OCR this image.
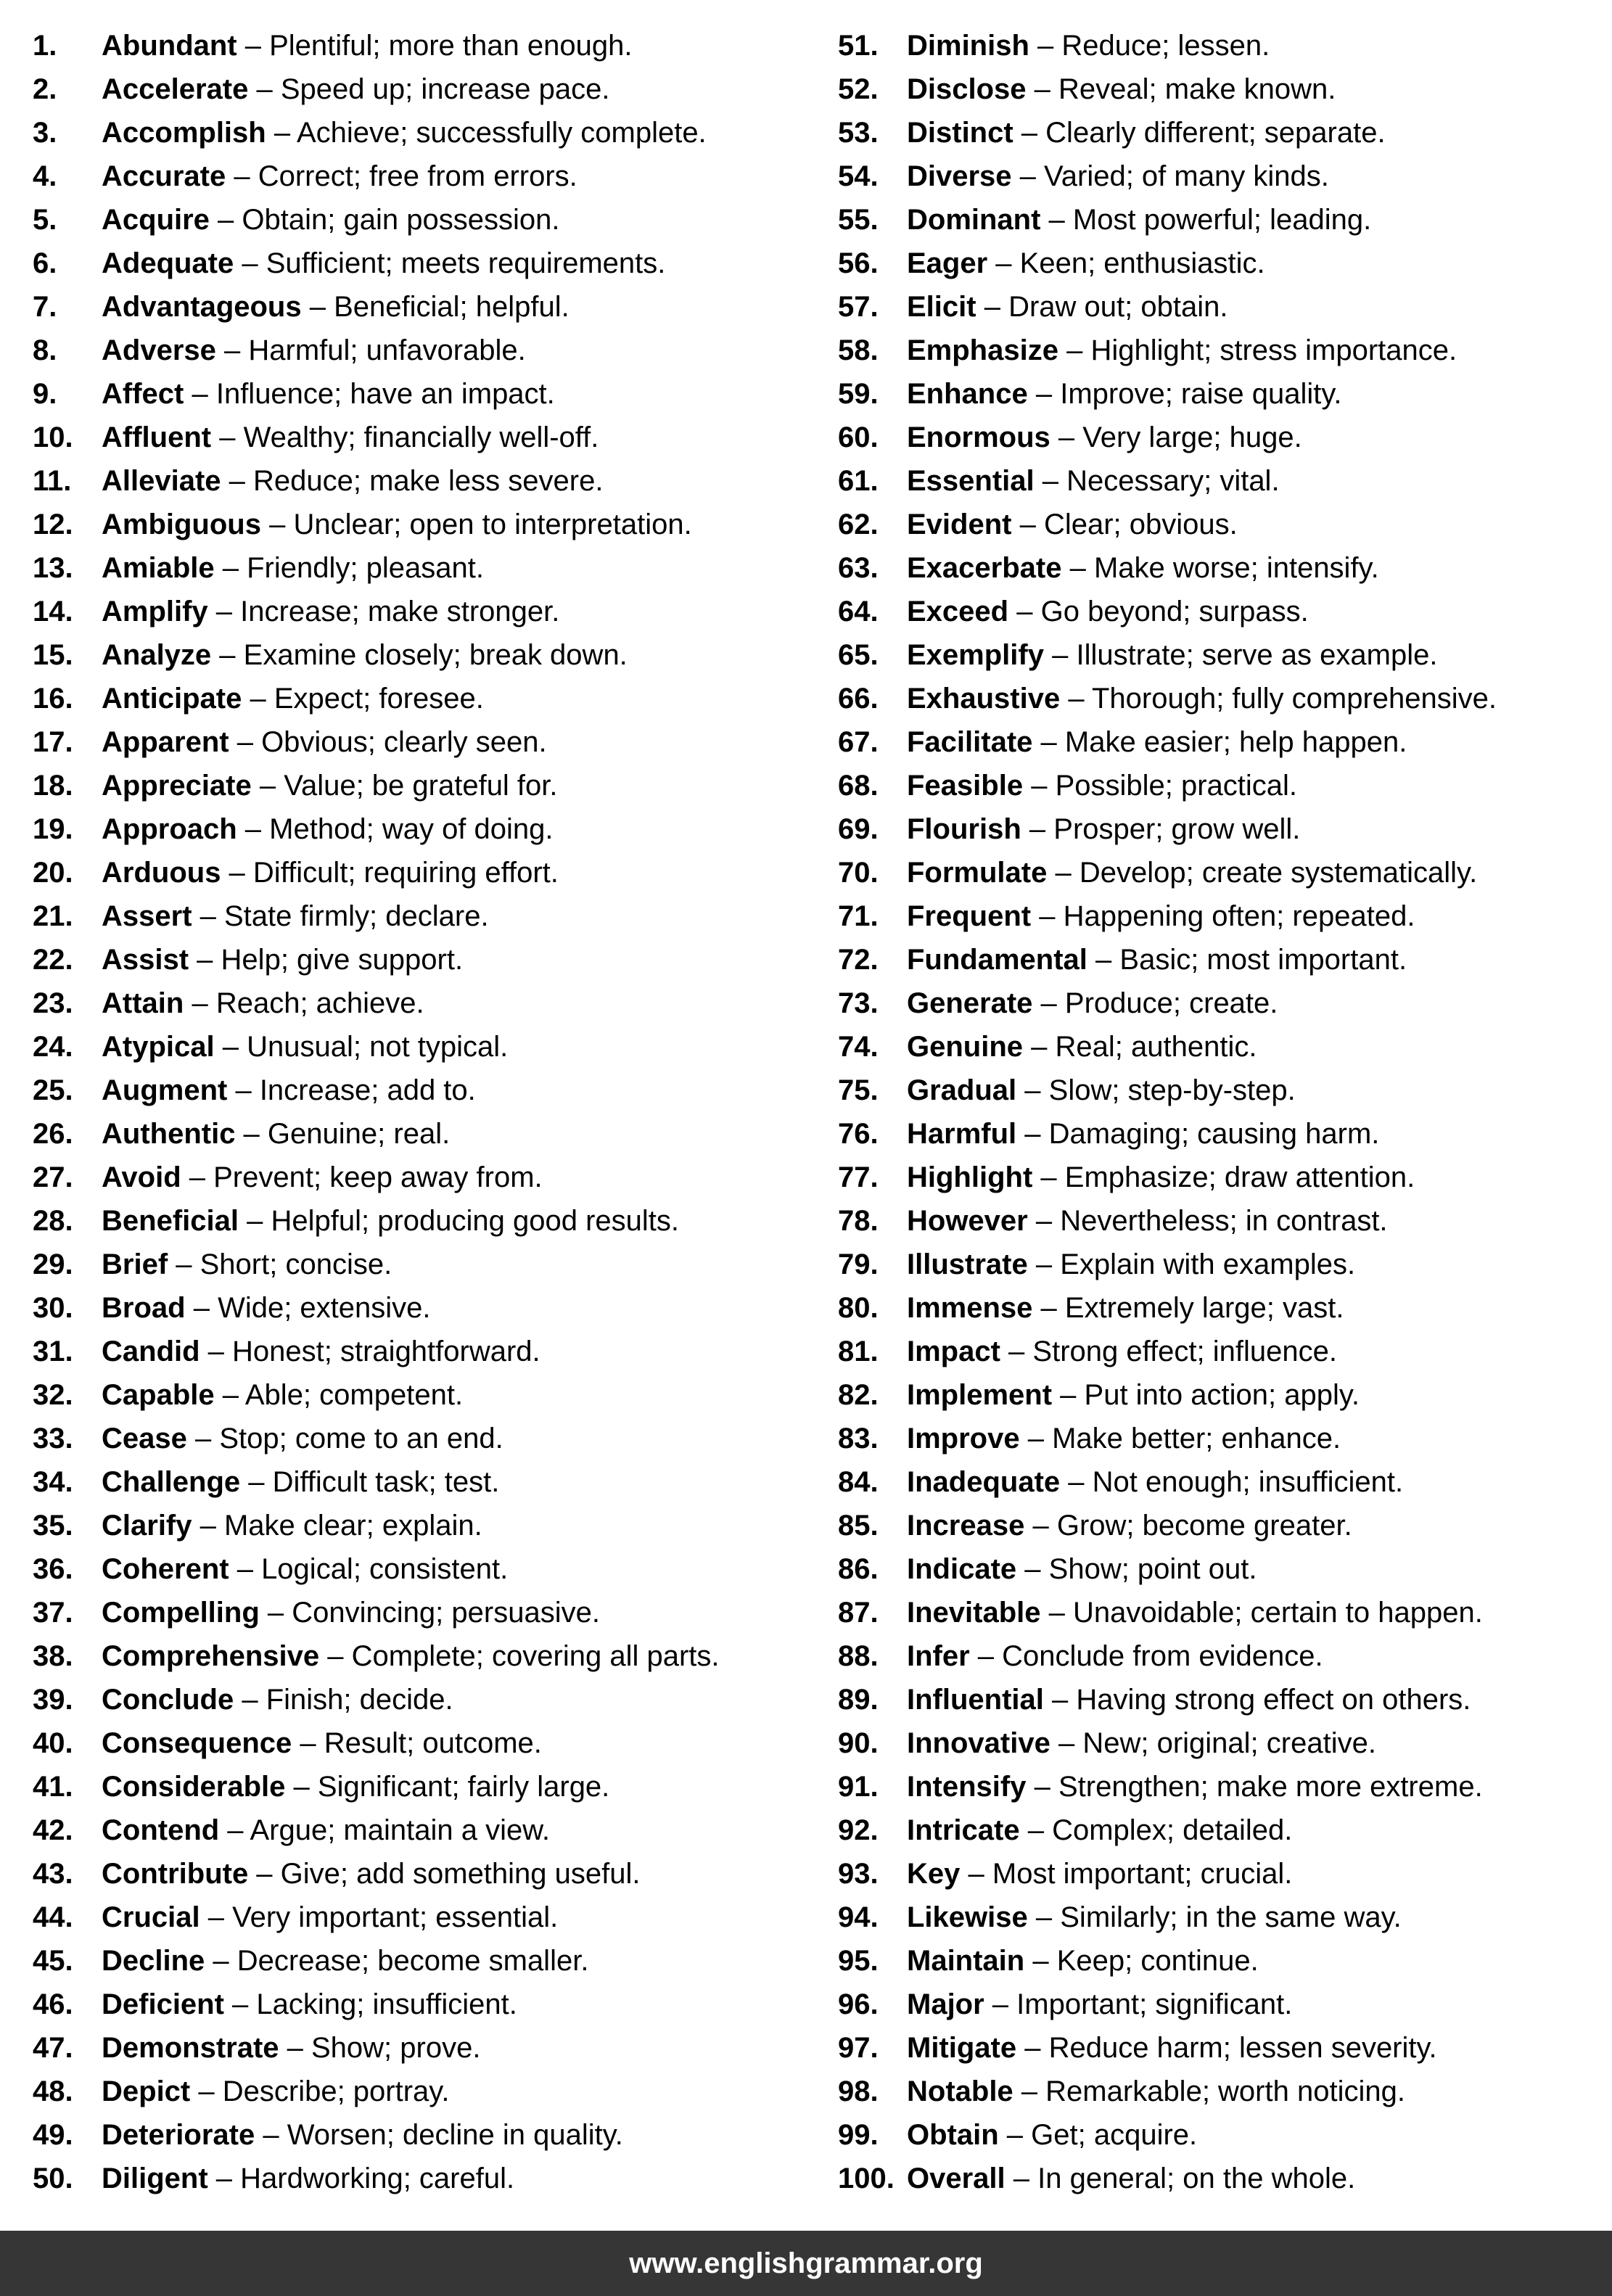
1. Abundant – Plentiful; more than enough.
2. Accelerate – Speed up; increase pace.
3. Accomplish – Achieve; successfully complete.
4. Accurate – Correct; free from errors.
5. Acquire – Obtain; gain possession.
6. Adequate – Sufficient; meets requirements.
7. Advantageous – Beneficial; helpful.
8. Adverse – Harmful; unfavorable.
9. Affect – Influence; have an impact.
10. Affluent – Wealthy; financially well-off.
11. Alleviate – Reduce; make less severe.
12. Ambiguous – Unclear; open to interpretation.
13. Amiable – Friendly; pleasant.
14. Amplify – Increase; make stronger.
15. Analyze – Examine closely; break down.
16. Anticipate – Expect; foresee.
17. Apparent – Obvious; clearly seen.
18. Appreciate – Value; be grateful for.
19. Approach – Method; way of doing.
20. Arduous – Difficult; requiring effort.
21. Assert – State firmly; declare.
22. Assist – Help; give support.
23. Attain – Reach; achieve.
24. Atypical – Unusual; not typical.
25. Augment – Increase; add to.
26. Authentic – Genuine; real.
27. Avoid – Prevent; keep away from.
28. Beneficial – Helpful; producing good results.
29. Brief – Short; concise.
30. Broad – Wide; extensive.
31. Candid – Honest; straightforward.
32. Capable – Able; competent.
33. Cease – Stop; come to an end.
34. Challenge – Difficult task; test.
35. Clarify – Make clear; explain.
36. Coherent – Logical; consistent.
37. Compelling – Convincing; persuasive.
38. Comprehensive – Complete; covering all parts.
39. Conclude – Finish; decide.
40. Consequence – Result; outcome.
41. Considerable – Significant; fairly large.
42. Contend – Argue; maintain a view.
43. Contribute – Give; add something useful.
44. Crucial – Very important; essential.
45. Decline – Decrease; become smaller.
46. Deficient – Lacking; insufficient.
47. Demonstrate – Show; prove.
48. Depict – Describe; portray.
49. Deteriorate – Worsen; decline in quality.
50. Diligent – Hardworking; careful.
51. Diminish – Reduce; lessen.
52. Disclose – Reveal; make known.
53. Distinct – Clearly different; separate.
54. Diverse – Varied; of many kinds.
55. Dominant – Most powerful; leading.
56. Eager – Keen; enthusiastic.
57. Elicit – Draw out; obtain.
58. Emphasize – Highlight; stress importance.
59. Enhance – Improve; raise quality.
60. Enormous – Very large; huge.
61. Essential – Necessary; vital.
62. Evident – Clear; obvious.
63. Exacerbate – Make worse; intensify.
64. Exceed – Go beyond; surpass.
65. Exemplify – Illustrate; serve as example.
66. Exhaustive – Thorough; fully comprehensive.
67. Facilitate – Make easier; help happen.
68. Feasible – Possible; practical.
69. Flourish – Prosper; grow well.
70. Formulate – Develop; create systematically.
71. Frequent – Happening often; repeated.
72. Fundamental – Basic; most important.
73. Generate – Produce; create.
74. Genuine – Real; authentic.
75. Gradual – Slow; step-by-step.
76. Harmful – Damaging; causing harm.
77. Highlight – Emphasize; draw attention.
78. However – Nevertheless; in contrast.
79. Illustrate – Explain with examples.
80. Immense – Extremely large; vast.
81. Impact – Strong effect; influence.
82. Implement – Put into action; apply.
83. Improve – Make better; enhance.
84. Inadequate – Not enough; insufficient.
85. Increase – Grow; become greater.
86. Indicate – Show; point out.
87. Inevitable – Unavoidable; certain to happen.
88. Infer – Conclude from evidence.
89. Influential – Having strong effect on others.
90. Innovative – New; original; creative.
91. Intensify – Strengthen; make more extreme.
92. Intricate – Complex; detailed.
93. Key – Most important; crucial.
94. Likewise – Similarly; in the same way.
95. Maintain – Keep; continue.
96. Major – Important; significant.
97. Mitigate – Reduce harm; lessen severity.
98. Notable – Remarkable; worth noticing.
99. Obtain – Get; acquire.
100. Overall – In general; on the whole.
www.englishgrammar.org
